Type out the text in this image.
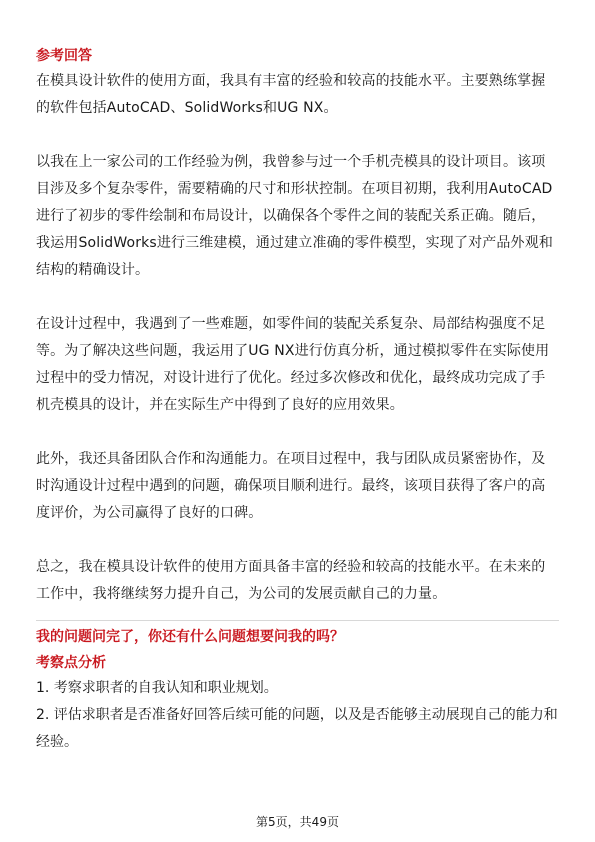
参考回答

在模具设计软件的使用方面，我具有丰富的经验和较高的技能水平。主要熟练掌握的软件包括AutoCAD、SolidWorks和UG NX。

以我在上一家公司的工作经验为例，我曾参与过一个手机壳模具的设计项目。该项目涉及多个复杂零件，需要精确的尺寸和形状控制。在项目初期，我利用AutoCAD进行了初步的零件绘制和布局设计，以确保各个零件之间的装配关系正确。随后，我运用SolidWorks进行三维建模，通过建立准确的零件模型，实现了对产品外观和结构的精确设计。

在设计过程中，我遇到了一些难题，如零件间的装配关系复杂、局部结构强度不足等。为了解决这些问题，我运用了UG NX进行仿真分析，通过模拟零件在实际使用过程中的受力情况，对设计进行了优化。经过多次修改和优化，最终成功完成了手机壳模具的设计，并在实际生产中得到了良好的应用效果。

此外，我还具备团队合作和沟通能力。在项目过程中，我与团队成员紧密协作，及时沟通设计过程中遇到的问题，确保项目顺利进行。最终，该项目获得了客户的高度评价，为公司赢得了良好的口碑。

总之，我在模具设计软件的使用方面具备丰富的经验和较高的技能水平。在未来的工作中，我将继续努力提升自己，为公司的发展贡献自己的力量。

我的问题问完了，你还有什么问题想要问我的吗？

考察点分析

1. 考察求职者的自我认知和职业规划。

2. 评估求职者是否准备好回答后续可能的问题，以及是否能够主动展现自己的能力和经验。

第5页，共49页
